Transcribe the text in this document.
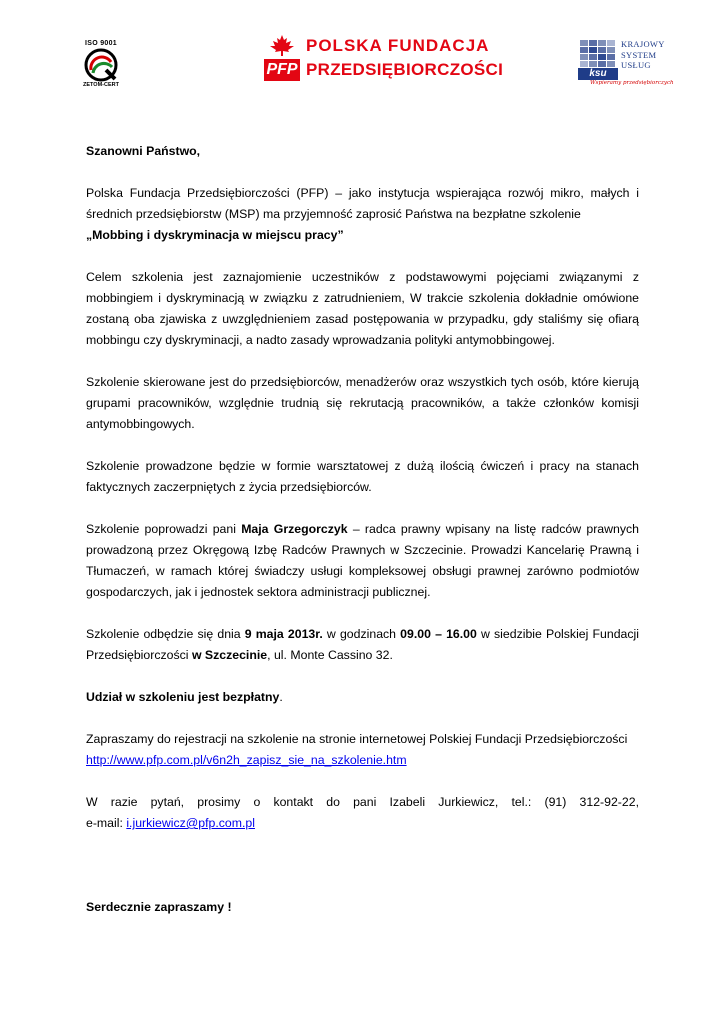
ISO 9001
ZETOM-CERT
PFP
POLSKA FUNDACJA
PRZEDSIĘBIORCZOŚCI	ksu
KRAJOWY
SYSTEM
USŁUG
Wspieramy przedsiębiorczych

Szanowni Państwo,

Polska Fundacja Przedsiębiorczości (PFP) – jako instytucja wspierająca rozwój mikro, małych i średnich przedsiębiorstw (MSP) ma przyjemność zaprosić Państwa na bezpłatne szkolenie
„Mobbing i dyskryminacja w miejscu pracy”

Celem szkolenia jest zaznajomienie uczestników z podstawowymi pojęciami związanymi z mobbingiem i dyskryminacją w związku z zatrudnieniem, W trakcie szkolenia dokładnie omówione zostaną oba zjawiska z uwzględnieniem zasad postępowania w przypadku, gdy staliśmy się ofiarą mobbingu czy dyskryminacji, a nadto zasady wprowadzania polityki antymobbingowej.

Szkolenie skierowane jest do przedsiębiorców, menadżerów oraz wszystkich tych osób, które kierują grupami pracowników, względnie trudnią się rekrutacją pracowników, a także członków komisji antymobbingowych.

Szkolenie prowadzone będzie w formie warsztatowej z dużą ilością ćwiczeń i pracy na stanach faktycznych zaczerpniętych z życia przedsiębiorców.

Szkolenie poprowadzi pani Maja Grzegorczyk – radca prawny wpisany na listę radców prawnych prowadzoną przez Okręgową Izbę Radców Prawnych w Szczecinie. Prowadzi Kancelarię Prawną i Tłumaczeń, w ramach której świadczy usługi kompleksowej obsługi prawnej zarówno podmiotów gospodarczych, jak i jednostek sektora administracji publicznej.

Szkolenie odbędzie się dnia 9 maja 2013r. w godzinach 09.00 – 16.00 w siedzibie Polskiej Fundacji Przedsiębiorczości w Szczecinie, ul. Monte Cassino 32.

Udział w szkoleniu jest bezpłatny.

Zapraszamy do rejestracji na szkolenie na stronie internetowej Polskiej Fundacji Przedsiębiorczości
http://www.pfp.com.pl/v6n2h_zapisz_sie_na_szkolenie.htm

W razie pytań, prosimy o kontakt do pani Izabeli Jurkiewicz, tel.: (91) 312-92-22,
e-mail: i.jurkiewicz@pfp.com.pl

Serdecznie zapraszamy !
